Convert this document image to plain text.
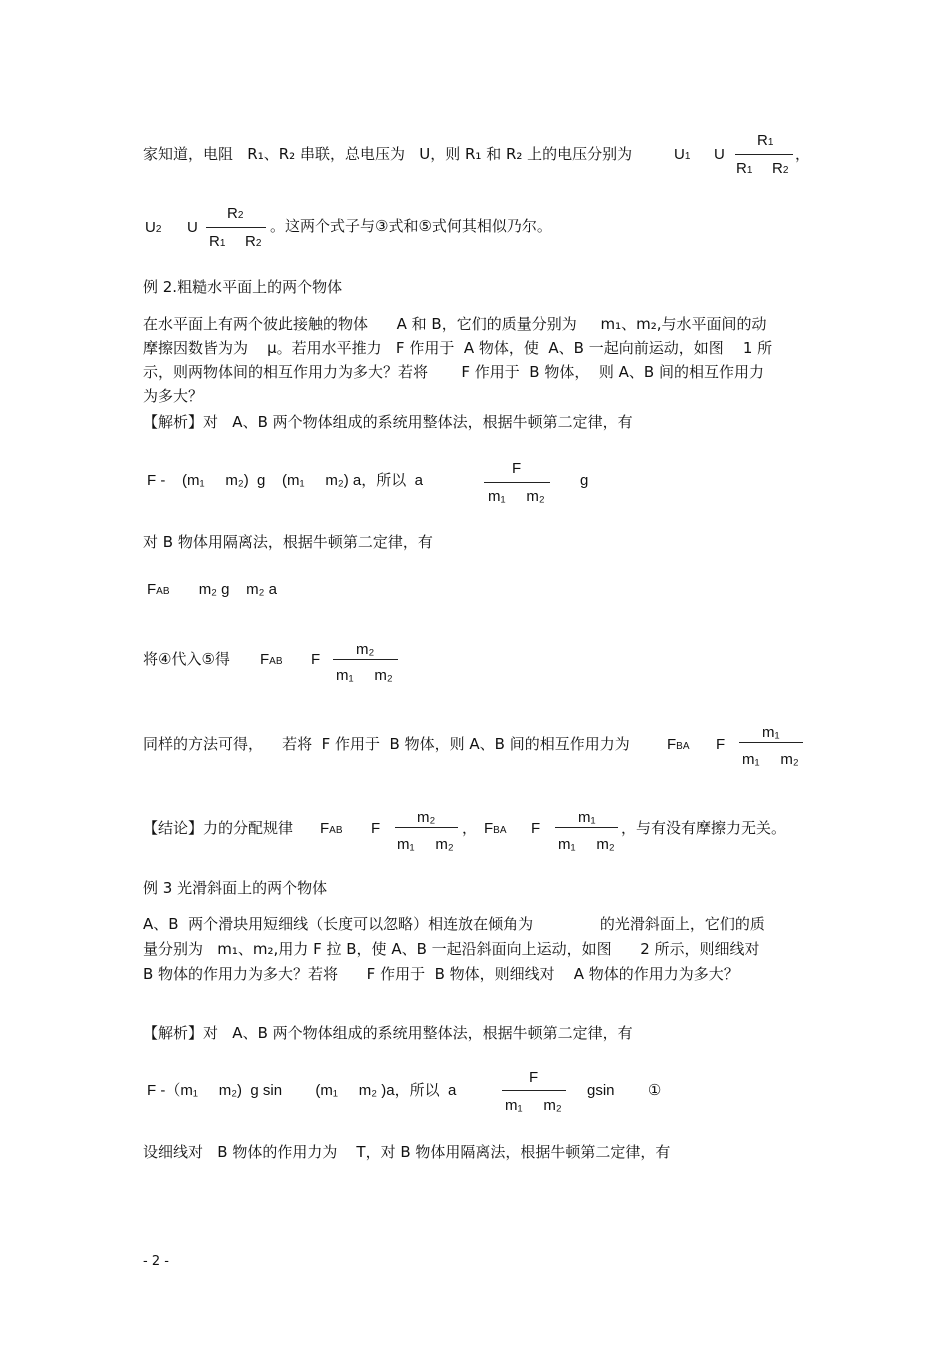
家知道，电阻   R₁、R₂ 串联，总电压为   U，则 R₁ 和 R₂ 上的电压分别为	U1 U
R1
R1 R2
，
U2 U
R2
R1 R2
。这两个式子与③式和⑤式何其相似乃尔。
例 2.粗糙水平面上的两个物体
在水平面上有两个彼此接触的物体      A 和 B，它们的质量分别为     m₁、m₂,与水平面间的动
摩擦因数皆为为    μ。若用水平推力   F 作用于  A 物体，使  A、B 一起向前运动，如图    1 所
示，则两物体间的相互作用力为多大？若将       F 作用于  B 物体，  则 A、B 间的相互作用力
为多大？
【解析】对   A、B 两个物体组成的系统用整体法，根据牛顿第二定律，有
F -    (m₁     m₂)  g    (m₁     m₂) a，所以  a
F
m₁     m₂
g
对 B 物体用隔离法，根据牛顿第二定律，有
FAB       m₂ g    m₂ a
将④代入⑤得 FAB F
m₂
m₁     m₂
同样的方法可得，    若将  F 作用于  B 物体，则 A、B 间的相互作用力为 FBA F
m₁
m₁     m₂
【结论】力的分配规律 FAB F
m₂
m₁     m₂
， FBA F
m₁
m₁     m₂
，与有没有摩擦力无关。
例 3 光滑斜面上的两个物体
A、B  两个滑块用短细线（长度可以忽略）相连放在倾角为              的光滑斜面上，它们的质
量分别为   m₁、m₂,用力 F 拉 B，使 A、B 一起沿斜面向上运动，如图      2 所示，则细线对
B 物体的作用力为多大？若将      F 作用于  B 物体，则细线对    A 物体的作用力为多大？
【解析】对   A、B 两个物体组成的系统用整体法，根据牛顿第二定律，有
F -（m₁     m₂)  g sin        (m₁     m₂ )a，所以  a
F
m₁     m₂
gsin        ①
设细线对   B 物体的作用力为    T，对 B 物体用隔离法，根据牛顿第二定律，有
- 2 -
